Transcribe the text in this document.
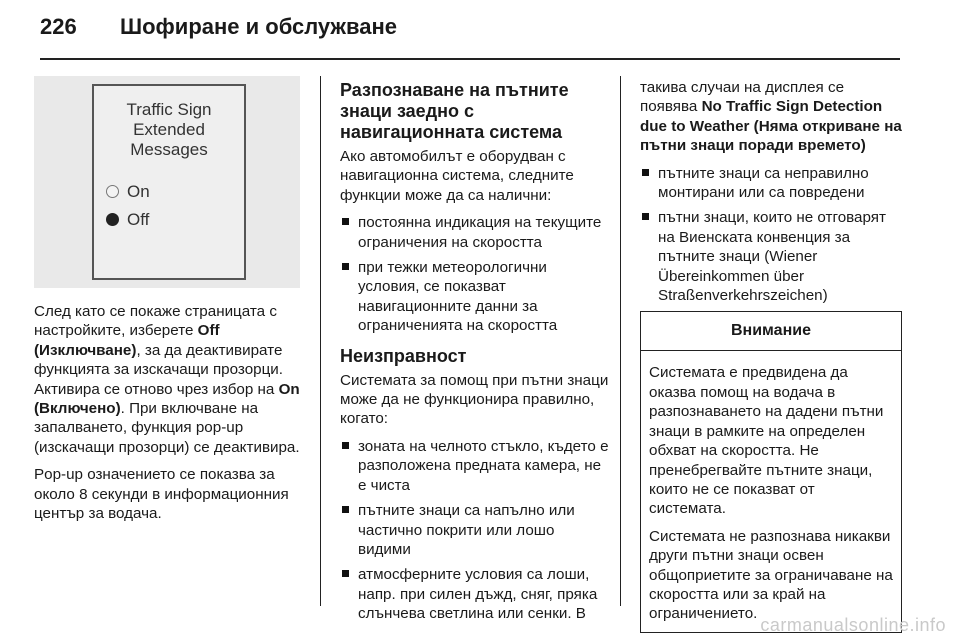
226 Шофиране и обслужване
Traffic Sign
Extended
Messages
On
Off

След като се покаже страницата с настройките, изберете Off (Изключване), за да деактивирате функцията за изскачащи прозорци. Активира се отново чрез избор на On (Включено). При включване на запалването, функция pop-up (изскачащи прозорци) се деактивира.

Pop-up означението се показва за около 8 секунди в информационния център за водача.

Разпознаване на пътните знаци заедно с навигационната система

Ако автомобилът е оборудван с навигационна система, следните функции може да са налични:

постоянна индикация на текущите ограничения на скоростта
при тежки метеорологични условия, се показват навигационните данни за ограниченията на скоростта
Неизправност

Системата за помощ при пътни знаци може да не функционира правилно, когато:

зоната на челното стъкло, където е разположена предната камера, не е чиста
пътните знаци са напълно или частично покрити или лошо видими
атмосферните условия са лоши, напр. при силен дъжд, сняг, пряка слънчева светлина или сенки. В

такива случаи на дисплея се появява No Traffic Sign Detection due to Weather (Няма откриване на пътни знаци поради времето)

пътните знаци са неправилно монтирани или са повредени
пътни знаци, които не отговарят на Виенската конвенция за пътните знаци (Wiener Übereinkommen über Straßenverkehrszeichen)
Внимание

Системата е предвидена да оказва помощ на водача в разпознаването на дадени пътни знаци в рамките на определен обхват на скоростта. Не пренебрегвайте пътните знаци, които не се показват от системата.

Системата не разпознава никакви други пътни знаци освен общоприетите за ограничаване на скоростта или за край на ограничението.

carmanualsonline.info
